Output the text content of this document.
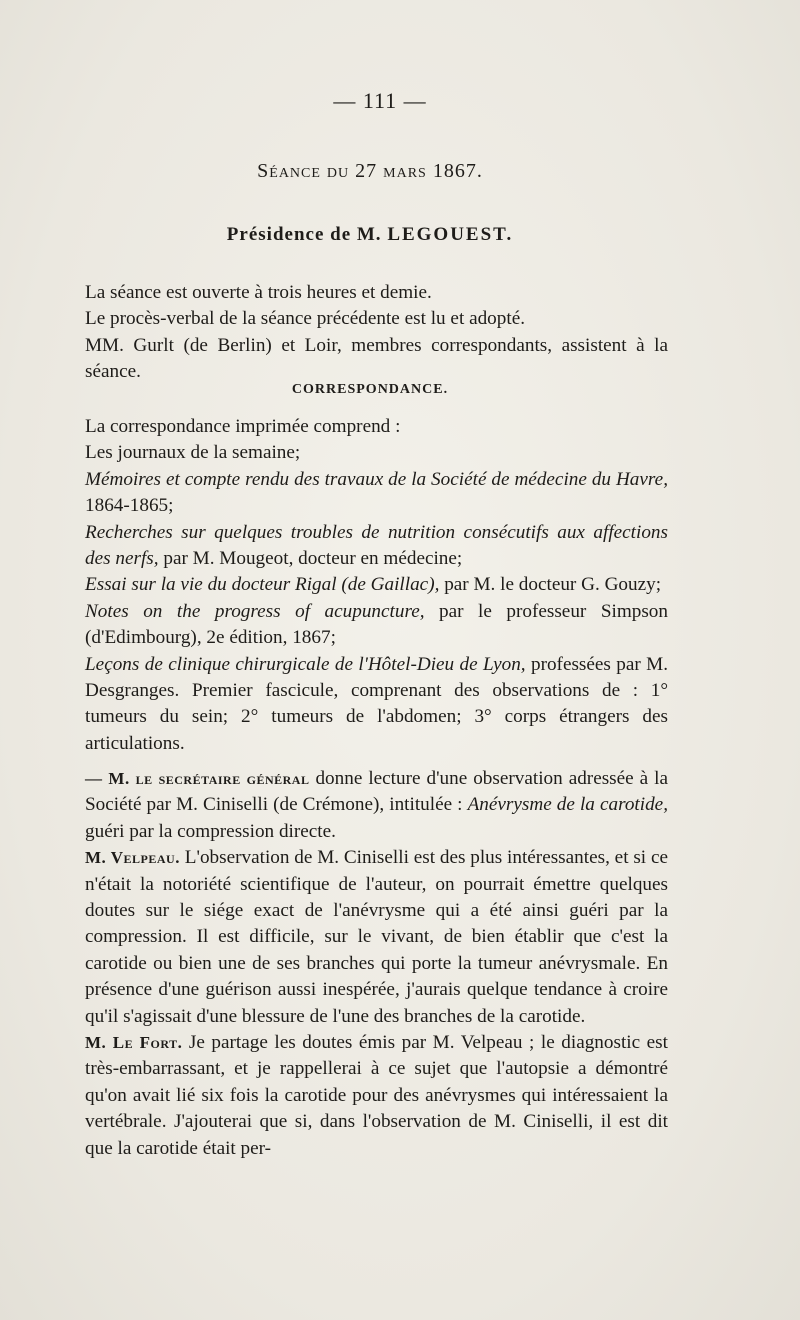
— 111 —
Séance du 27 mars 1867.
Présidence de M. LEGOUEST.

La séance est ouverte à trois heures et demie.

Le procès-verbal de la séance précédente est lu et adopté.

MM. Gurlt (de Berlin) et Loir, membres correspondants, assistent à la séance.

CORRESPONDANCE.

La correspondance imprimée comprend :

Les journaux de la semaine;

Mémoires et compte rendu des travaux de la Société de médecine du Havre, 1864-1865;

Recherches sur quelques troubles de nutrition consécutifs aux affections des nerfs, par M. Mougeot, docteur en médecine;

Essai sur la vie du docteur Rigal (de Gaillac), par M. le docteur G. Gouzy;

Notes on the progress of acupuncture, par le professeur Simpson (d'Edimbourg), 2e édition, 1867;

Leçons de clinique chirurgicale de l'Hôtel-Dieu de Lyon, professées par M. Desgranges. Premier fascicule, comprenant des observations de : 1° tumeurs du sein; 2° tumeurs de l'abdomen; 3° corps étrangers des articulations.

— M. le secrétaire général donne lecture d'une observation adressée à la Société par M. Ciniselli (de Crémone), intitulée : Anévrysme de la carotide, guéri par la compression directe.

M. Velpeau. L'observation de M. Ciniselli est des plus intéressantes, et si ce n'était la notoriété scientifique de l'auteur, on pourrait émettre quelques doutes sur le siége exact de l'anévrysme qui a été ainsi guéri par la compression. Il est difficile, sur le vivant, de bien établir que c'est la carotide ou bien une de ses branches qui porte la tumeur anévrysmale. En présence d'une guérison aussi inespérée, j'aurais quelque tendance à croire qu'il s'agissait d'une blessure de l'une des branches de la carotide.

M. Le Fort. Je partage les doutes émis par M. Velpeau ; le diagnostic est très-embarrassant, et je rappellerai à ce sujet que l'autopsie a démontré qu'on avait lié six fois la carotide pour des anévrysmes qui intéressaient la vertébrale. J'ajouterai que si, dans l'observation de M. Ciniselli, il est dit que la carotide était per-
